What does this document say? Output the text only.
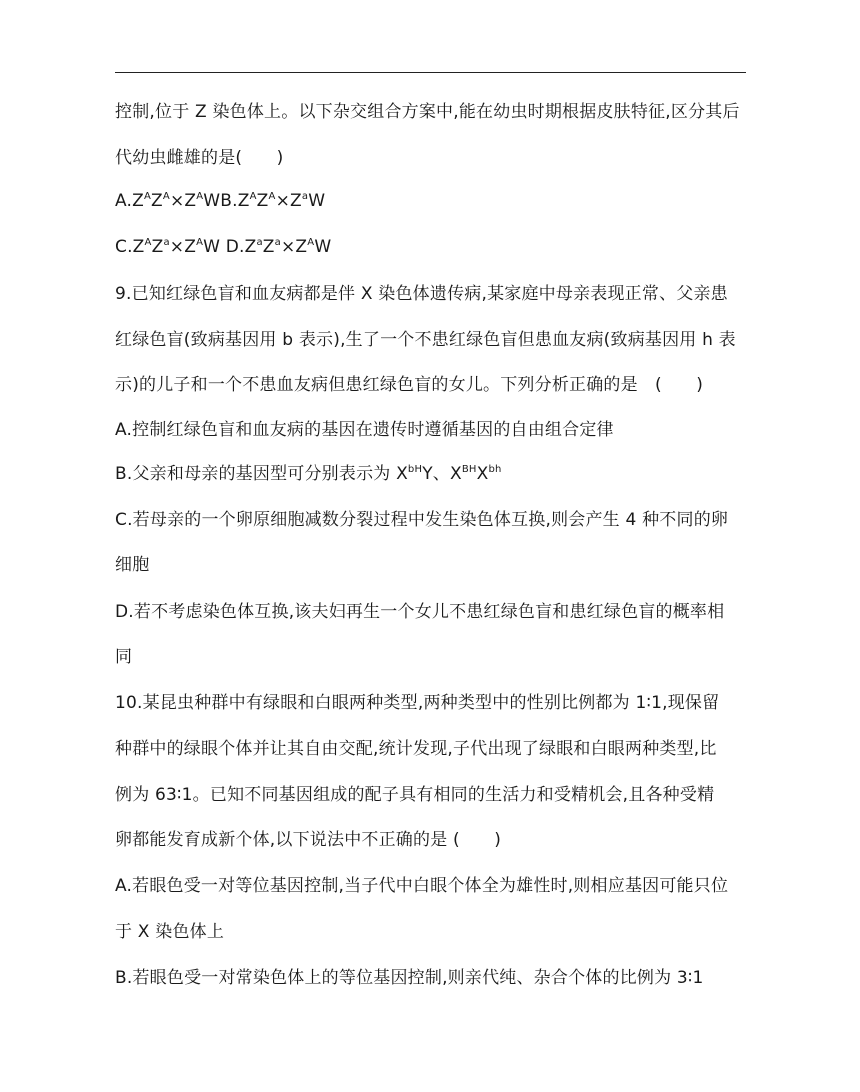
控制,位于 Z 染色体上。以下杂交组合方案中,能在幼虫时期根据皮肤特征,区分其后
代幼虫雌雄的是(　　)
$A.Z^AZ^A\times Z^AWB.Z^AZ^A\times Z^aW$
$C.Z^AZ^a\times Z^AW$ $D.Z^aZ^a\times Z^AW$
9.已知红绿色盲和血友病都是伴 X 染色体遗传病,某家庭中母亲表现正常、父亲患
红绿色盲(致病基因用 b 表示),生了一个不患红绿色盲但患血友病(致病基因用 h 表
示)的儿子和一个不患血友病但患红绿色盲的女儿。下列分析正确的是　(　　)
A.控制红绿色盲和血友病的基因在遗传时遵循基因的自由组合定律
B.父亲和母亲的基因型可分别表示为 $X^{bH}Y$、$X^{BH}X^{bh}$
C.若母亲的一个卵原细胞减数分裂过程中发生染色体互换,则会产生 4 种不同的卵
细胞
D.若不考虑染色体互换,该夫妇再生一个女儿不患红绿色盲和患红绿色盲的概率相
同
10.某昆虫种群中有绿眼和白眼两种类型,两种类型中的性别比例都为 1∶1,现保留
种群中的绿眼个体并让其自由交配,统计发现,子代出现了绿眼和白眼两种类型,比
例为 63∶1。已知不同基因组成的配子具有相同的生活力和受精机会,且各种受精
卵都能发育成新个体,以下说法中不正确的是 (　　)
A.若眼色受一对等位基因控制,当子代中白眼个体全为雄性时,则相应基因可能只位
于 X 染色体上
B.若眼色受一对常染色体上的等位基因控制,则亲代纯、杂合个体的比例为 3∶1
